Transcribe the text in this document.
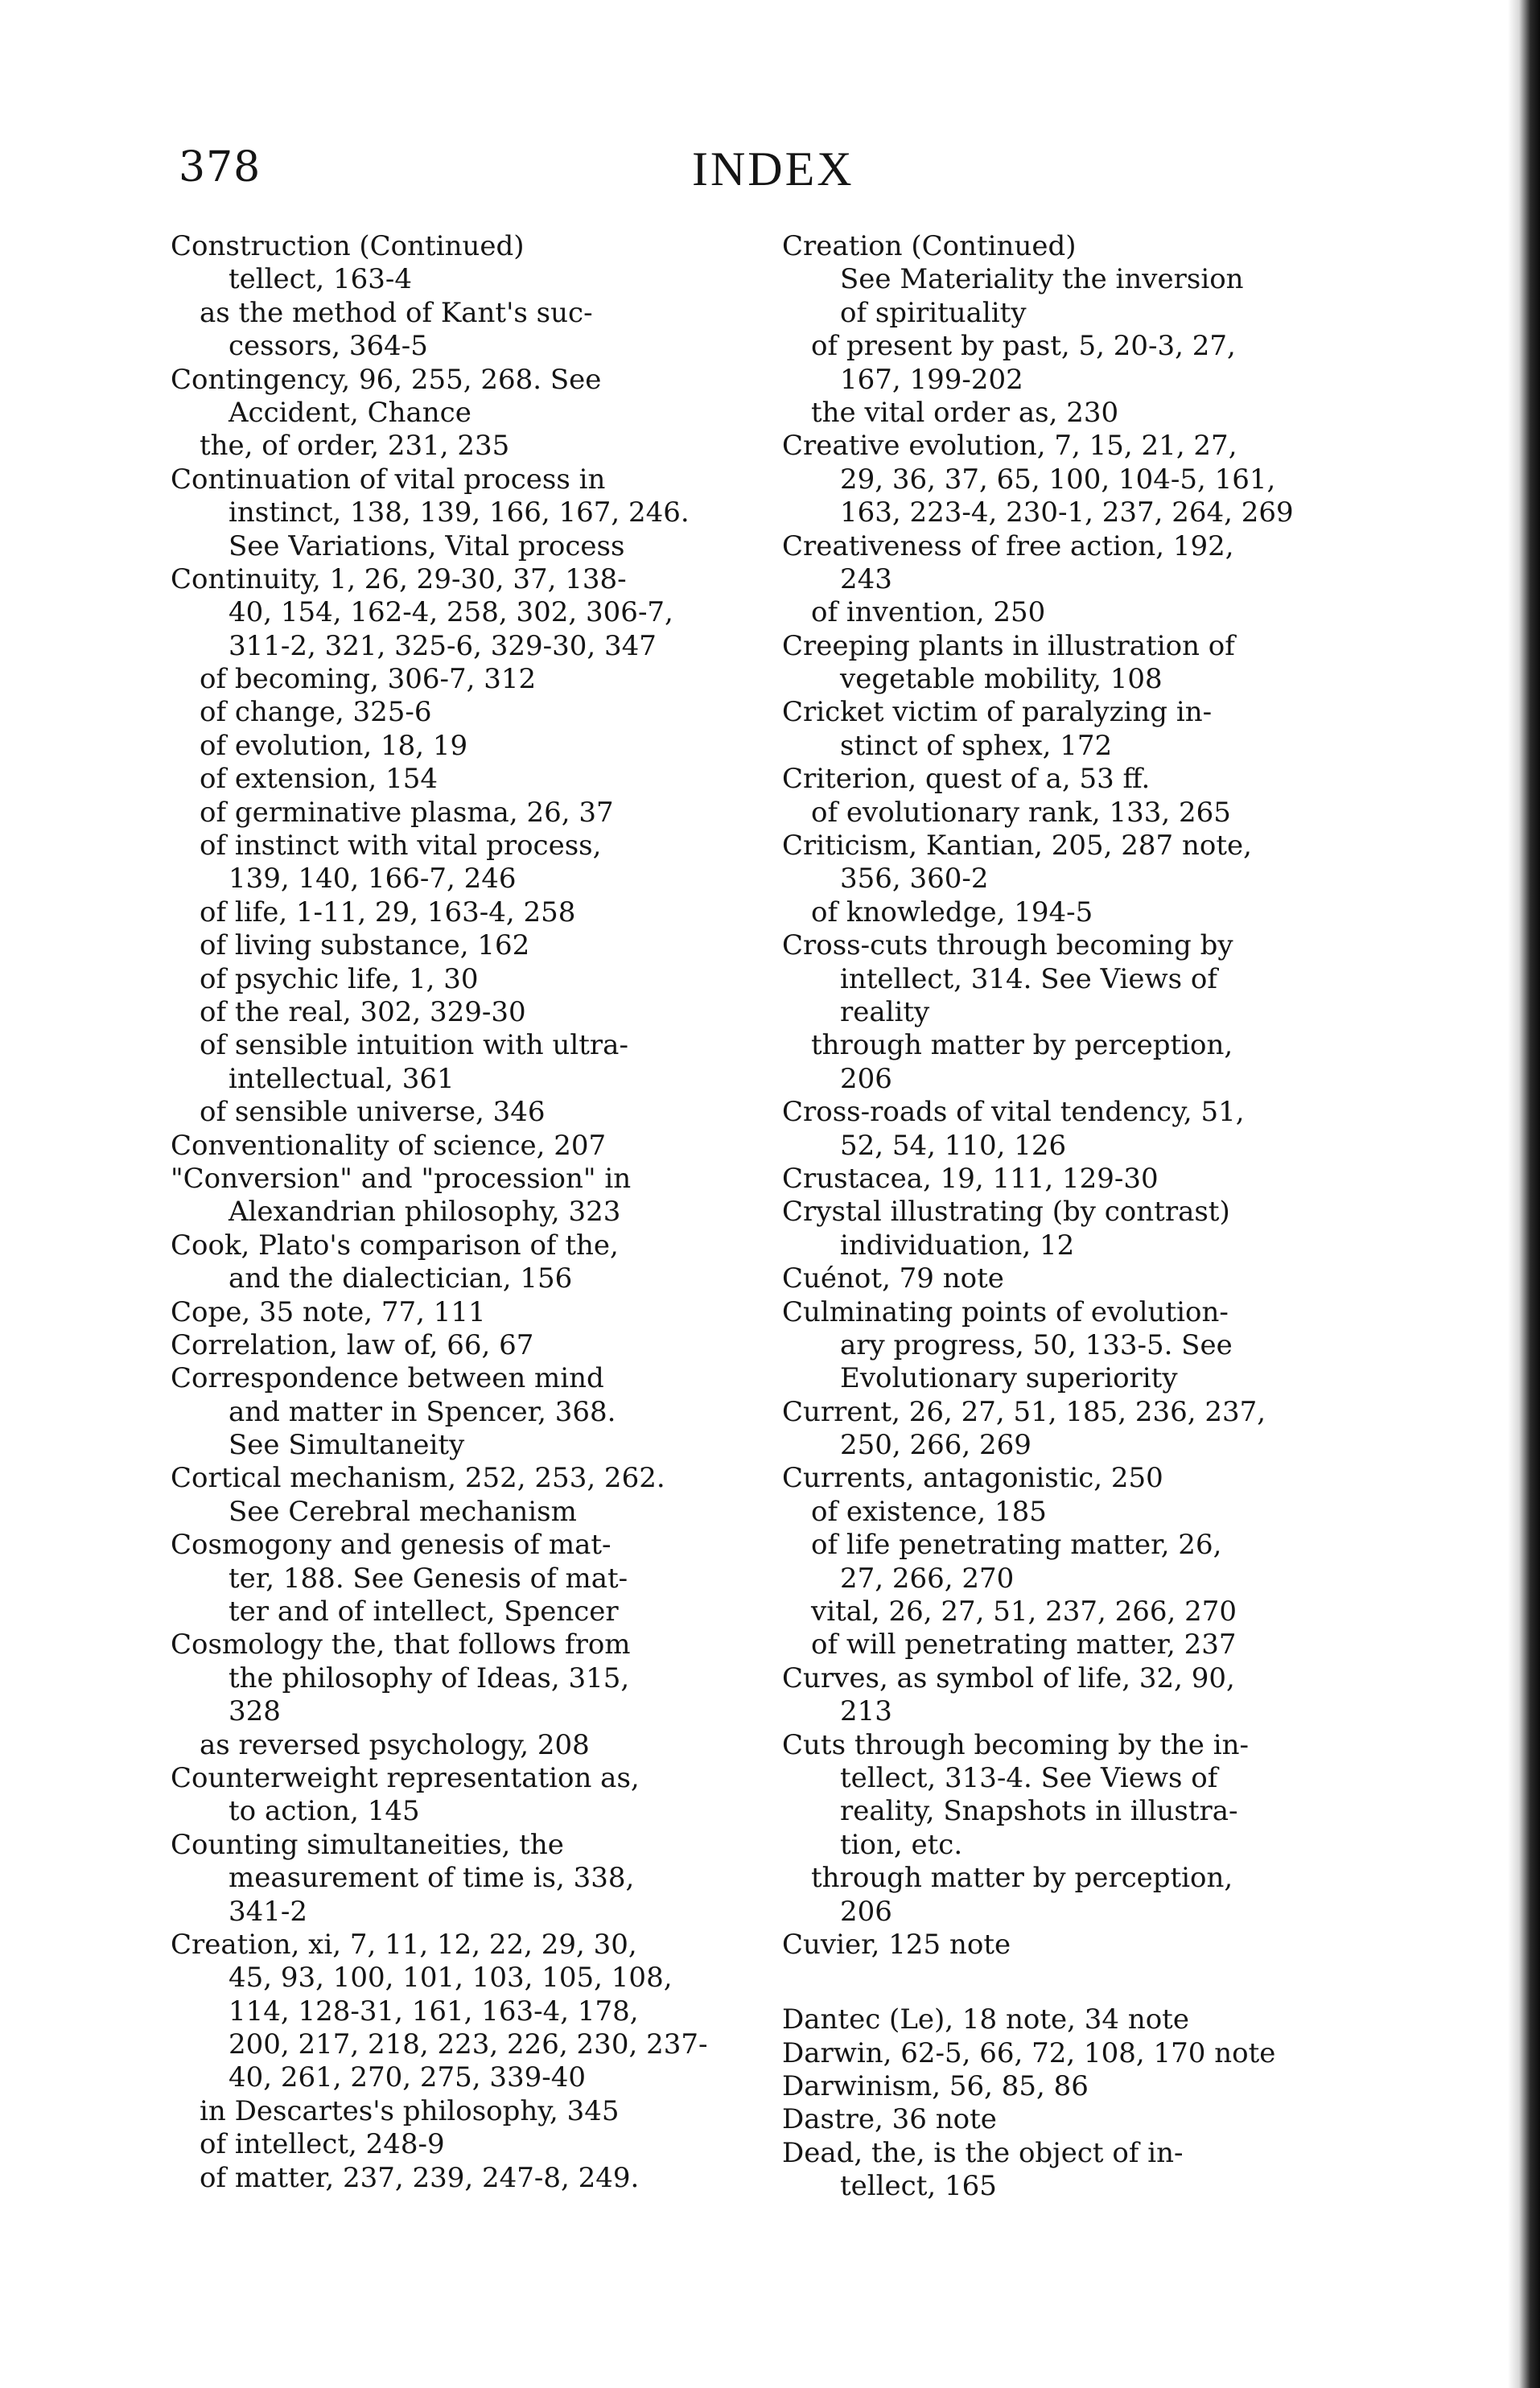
378	INDEX
Construction (Continued)
tellect, 163-4
as the method of Kant's suc-
cessors, 364-5
Contingency, 96, 255, 268. See
Accident, Chance
the, of order, 231, 235
Continuation of vital process in
instinct, 138, 139, 166, 167, 246.
See Variations, Vital process
Continuity, 1, 26, 29-30, 37, 138-
40, 154, 162-4, 258, 302, 306-7,
311-2, 321, 325-6, 329-30, 347
of becoming, 306-7, 312
of change, 325-6
of evolution, 18, 19
of extension, 154
of germinative plasma, 26, 37
of instinct with vital process,
139, 140, 166-7, 246
of life, 1-11, 29, 163-4, 258
of living substance, 162
of psychic life, 1, 30
of the real, 302, 329-30
of sensible intuition with ultra-
intellectual, 361
of sensible universe, 346
Conventionality of science, 207
"Conversion" and "procession" in
Alexandrian philosophy, 323
Cook, Plato's comparison of the,
and the dialectician, 156
Cope, 35 note, 77, 111
Correlation, law of, 66, 67
Correspondence between mind
and matter in Spencer, 368.
See Simultaneity
Cortical mechanism, 252, 253, 262.
See Cerebral mechanism
Cosmogony and genesis of mat-
ter, 188. See Genesis of mat-
ter and of intellect, Spencer
Cosmology the, that follows from
the philosophy of Ideas, 315,
328
as reversed psychology, 208
Counterweight representation as,
to action, 145
Counting simultaneities, the
measurement of time is, 338,
341-2
Creation, xi, 7, 11, 12, 22, 29, 30,
45, 93, 100, 101, 103, 105, 108,
114, 128-31, 161, 163-4, 178,
200, 217, 218, 223, 226, 230, 237-
40, 261, 270, 275, 339-40
in Descartes's philosophy, 345
of intellect, 248-9
of matter, 237, 239, 247-8, 249.
Creation (Continued)
See Materiality the inversion
of spirituality
of present by past, 5, 20-3, 27,
167, 199-202
the vital order as, 230
Creative evolution, 7, 15, 21, 27,
29, 36, 37, 65, 100, 104-5, 161,
163, 223-4, 230-1, 237, 264, 269
Creativeness of free action, 192,
243
of invention, 250
Creeping plants in illustration of
vegetable mobility, 108
Cricket victim of paralyzing in-
stinct of sphex, 172
Criterion, quest of a, 53 ff.
of evolutionary rank, 133, 265
Criticism, Kantian, 205, 287 note,
356, 360-2
of knowledge, 194-5
Cross-cuts through becoming by
intellect, 314. See Views of
reality
through matter by perception,
206
Cross-roads of vital tendency, 51,
52, 54, 110, 126
Crustacea, 19, 111, 129-30
Crystal illustrating (by contrast)
individuation, 12
Cuénot, 79 note
Culminating points of evolution-
ary progress, 50, 133-5. See
Evolutionary superiority
Current, 26, 27, 51, 185, 236, 237,
250, 266, 269
Currents, antagonistic, 250
of existence, 185
of life penetrating matter, 26,
27, 266, 270
vital, 26, 27, 51, 237, 266, 270
of will penetrating matter, 237
Curves, as symbol of life, 32, 90,
213
Cuts through becoming by the in-
tellect, 313-4. See Views of
reality, Snapshots in illustra-
tion, etc.
through matter by perception,
206
Cuvier, 125 note
Dantec (Le), 18 note, 34 note
Darwin, 62-5, 66, 72, 108, 170 note
Darwinism, 56, 85, 86
Dastre, 36 note
Dead, the, is the object of in-
tellect, 165
